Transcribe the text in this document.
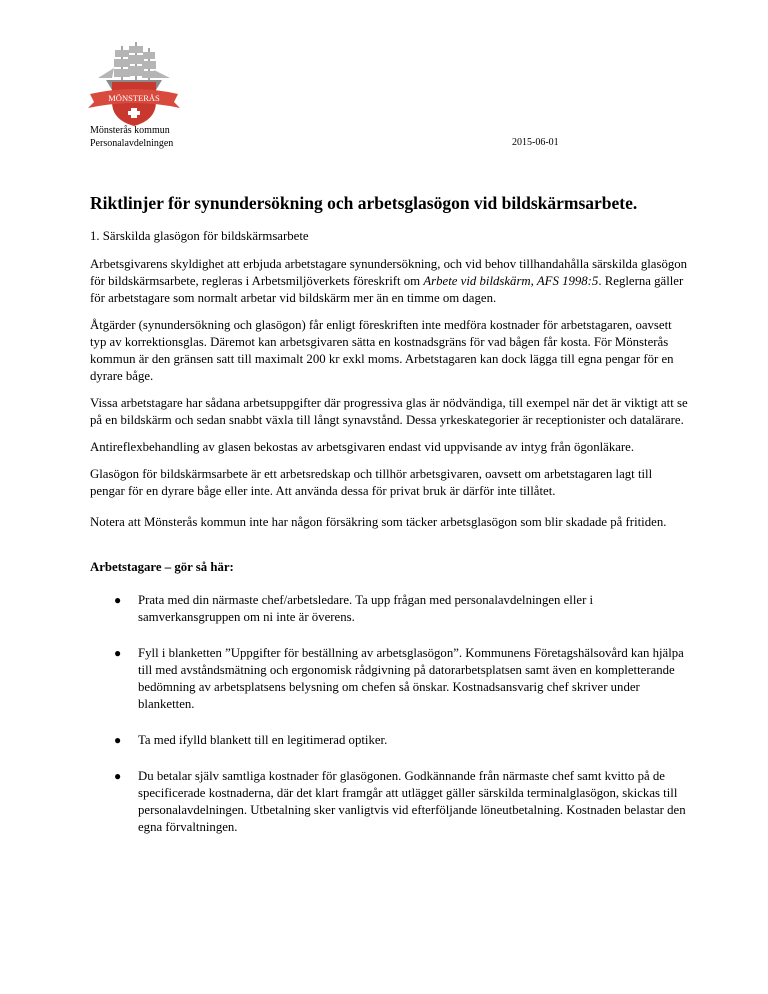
MÖNSTERÅS
Mönsterås kommun
Personalavdelningen	2015-06-01
Riktlinjer för synundersökning och arbetsglasögon vid bildskärmsarbete.
1. Särskilda glasögon för bildskärmsarbete

Arbetsgivarens skyldighet att erbjuda arbetstagare synundersökning, och vid behov tillhandahålla särskilda glasögon för bildskärmsarbete, regleras i Arbetsmiljöverkets föreskrift om Arbete vid bildskärm, AFS 1998:5. Reglerna gäller för arbetstagare som normalt arbetar vid bildskärm mer än en timme om dagen.

Åtgärder (synundersökning och glasögon) får enligt föreskriften inte medföra kostnader för arbetstagaren, oavsett typ av korrektionsglas. Däremot kan arbetsgivaren sätta en kostnadsgräns för vad bågen får kosta. För Mönsterås kommun är den gränsen satt till maximalt 200 kr exkl moms. Arbetstagaren kan dock lägga till egna pengar för en dyrare båge.

Vissa arbetstagare har sådana arbetsuppgifter där progressiva glas är nödvändiga, till exempel när det är viktigt att se på en bildskärm och sedan snabbt växla till långt synavstånd. Dessa yrkeskategorier är receptionister och datalärare.

Antireflexbehandling av glasen bekostas av arbetsgivaren endast vid uppvisande av intyg från ögonläkare.

Glasögon för bildskärmsarbete är ett arbetsredskap och tillhör arbetsgivaren, oavsett om arbetstagaren lagt till pengar för en dyrare båge eller inte. Att använda dessa för privat bruk är därför inte tillåtet.

Notera att Mönsterås kommun inte har någon försäkring som täcker arbetsglasögon som blir skadade på fritiden.

Arbetstagare – gör så här:

● Prata med din närmaste chef/arbetsledare. Ta upp frågan med personalavdelningen eller i samverkansgruppen om ni inte är överens.
● Fyll i blanketten ”Uppgifter för beställning av arbetsglasögon”. Kommunens Företagshälsovård kan hjälpa till med avståndsmätning och ergonomisk rådgivning på datorarbetsplatsen samt även en kompletterande bedömning av arbetsplatsens belysning om chefen så önskar. Kostnadsansvarig chef skriver under blanketten.
● Ta med ifylld blankett till en legitimerad optiker.
● Du betalar själv samtliga kostnader för glasögonen. Godkännande från närmaste chef samt kvitto på de specificerade kostnaderna, där det klart framgår att utlägget gäller särskilda terminalglasögon, skickas till personalavdelningen. Utbetalning sker vanligtvis vid efterföljande löneutbetalning. Kostnaden belastar den egna förvaltningen.
